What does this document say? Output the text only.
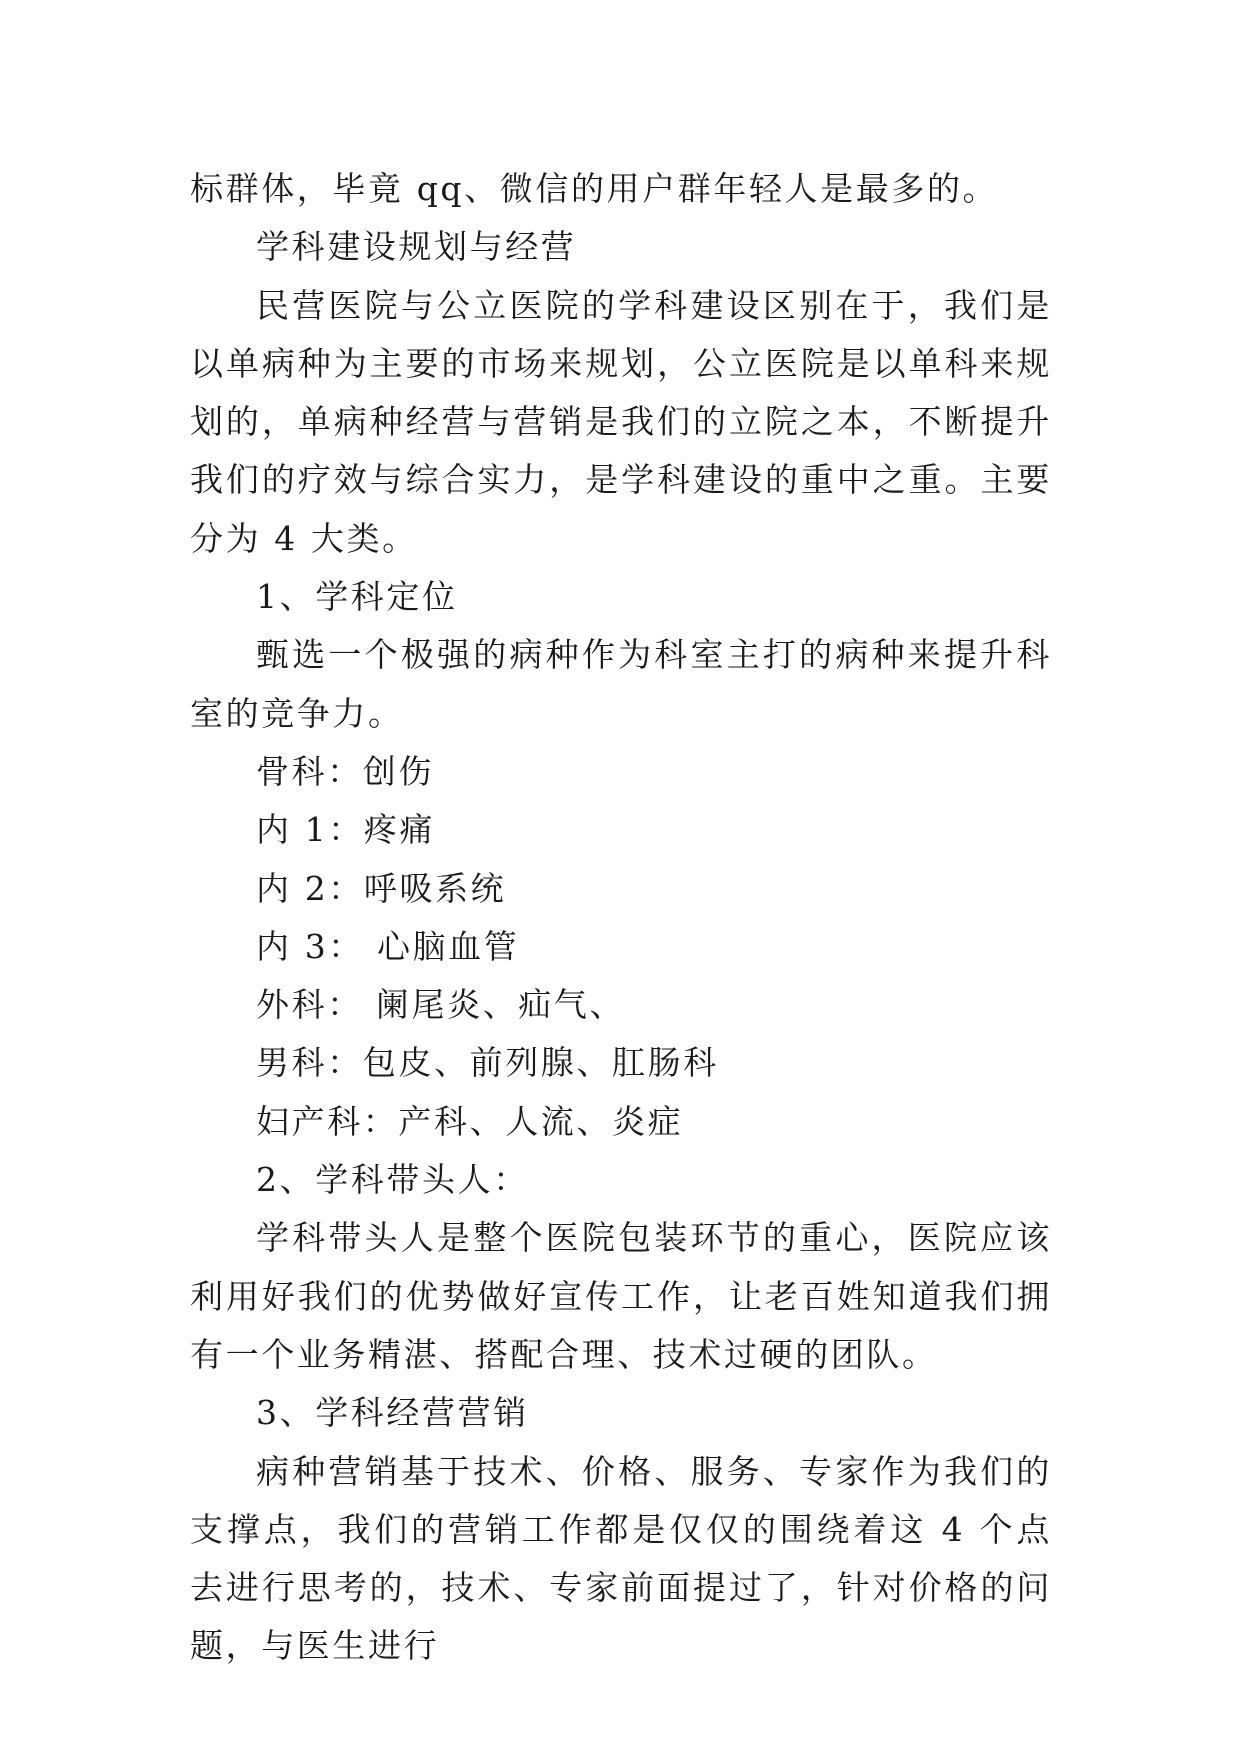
标群体，毕竟 qq、微信的用户群年轻人是最多的。

学科建设规划与经营

民营医院与公立医院的学科建设区别在于，我们是以单病种为主要的市场来规划，公立医院是以单科来规划的，单病种经营与营销是我们的立院之本，不断提升我们的疗效与综合实力，是学科建设的重中之重。主要分为 4 大类。

1、学科定位

甄选一个极强的病种作为科室主打的病种来提升科室的竞争力。

骨科：创伤

内 1：疼痛

内 2：呼吸系统

内 3： 心脑血管

外科： 阑尾炎、疝气、

男科：包皮、前列腺、肛肠科

妇产科：产科、人流、炎症

2、学科带头人：

学科带头人是整个医院包装环节的重心，医院应该利用好我们的优势做好宣传工作，让老百姓知道我们拥有一个业务精湛、搭配合理、技术过硬的团队。

3、学科经营营销

病种营销基于技术、价格、服务、专家作为我们的支撑点，我们的营销工作都是仅仅的围绕着这 4 个点去进行思考的，技术、专家前面提过了，针对价格的问题，与医生进行
